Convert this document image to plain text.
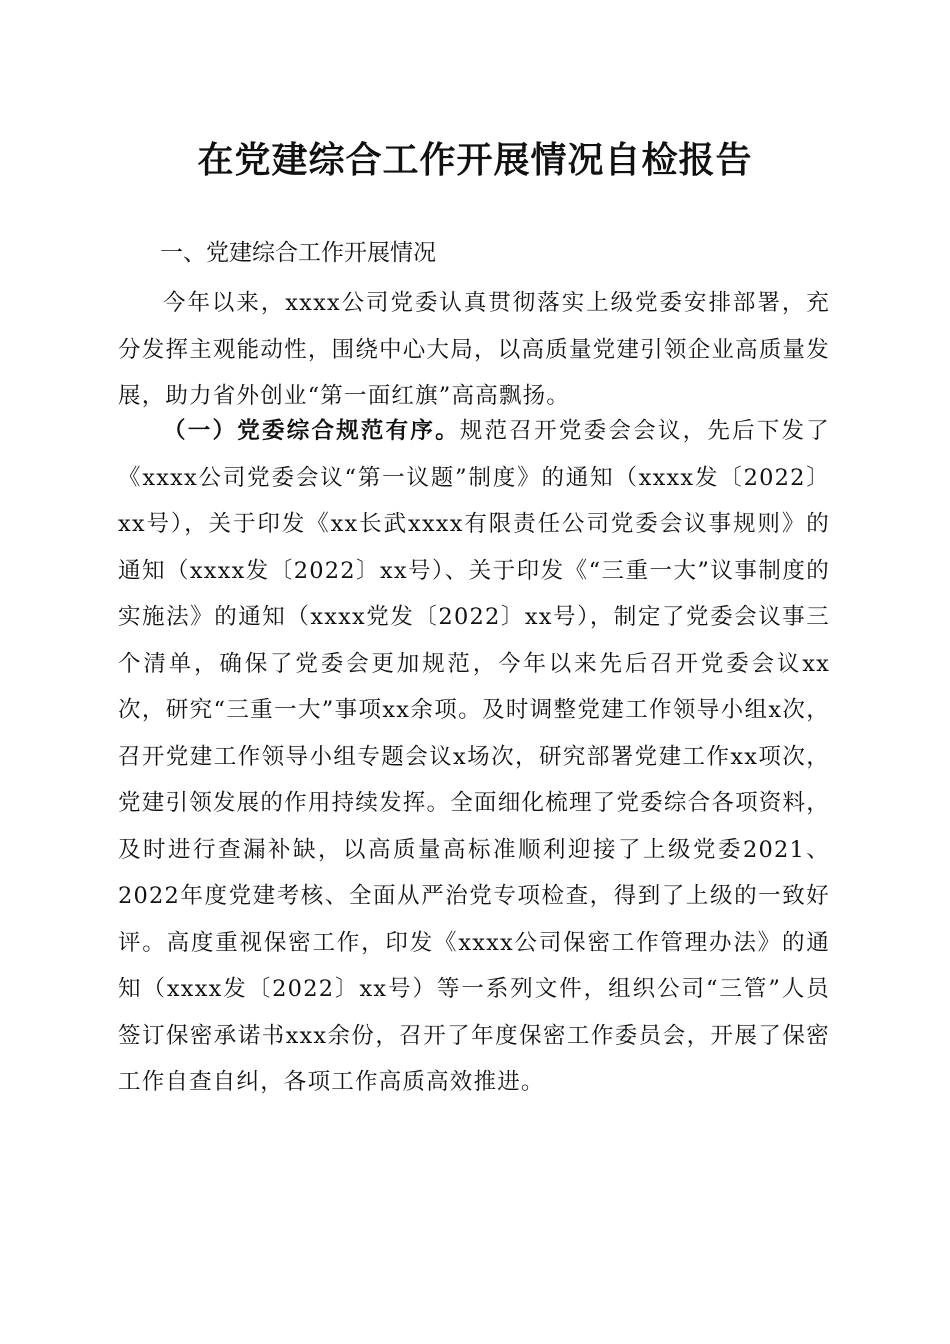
在党建综合工作开展情况自检报告
一、党建综合工作开展情况

今年以来，xxxx公司党委认真贯彻落实上级党委安排部署，充分发挥主观能动性，围绕中心大局，以高质量党建引领企业高质量发展，助力省外创业“第一面红旗”高高飘扬。

（一）党委综合规范有序。规范召开党委会会议，先后下发了《xxxx公司党委会议“第一议题”制度》的通知（xxxx发〔2022〕xx号），关于印发《xx长武xxxx有限责任公司党委会议事规则》的通知（xxxx发〔2022〕xx号）、关于印发《“三重一大”议事制度的实施法》的通知（xxxx党发〔2022〕xx号），制定了党委会议事三个清单，确保了党委会更加规范，今年以来先后召开党委会议xx次，研究“三重一大”事项xx余项。及时调整党建工作领导小组x次，召开党建工作领导小组专题会议x场次，研究部署党建工作xx项次，党建引领发展的作用持续发挥。全面细化梳理了党委综合各项资料，及时进行查漏补缺，以高质量高标准顺利迎接了上级党委2021、2022年度党建考核、全面从严治党专项检查，得到了上级的一致好评。高度重视保密工作，印发《xxxx公司保密工作管理办法》的通知（xxxx发〔2022〕xx号）等一系列文件，组织公司“三管”人员签订保密承诺书xxx余份，召开了年度保密工作委员会，开展了保密工作自查自纠，各项工作高质高效推进。
